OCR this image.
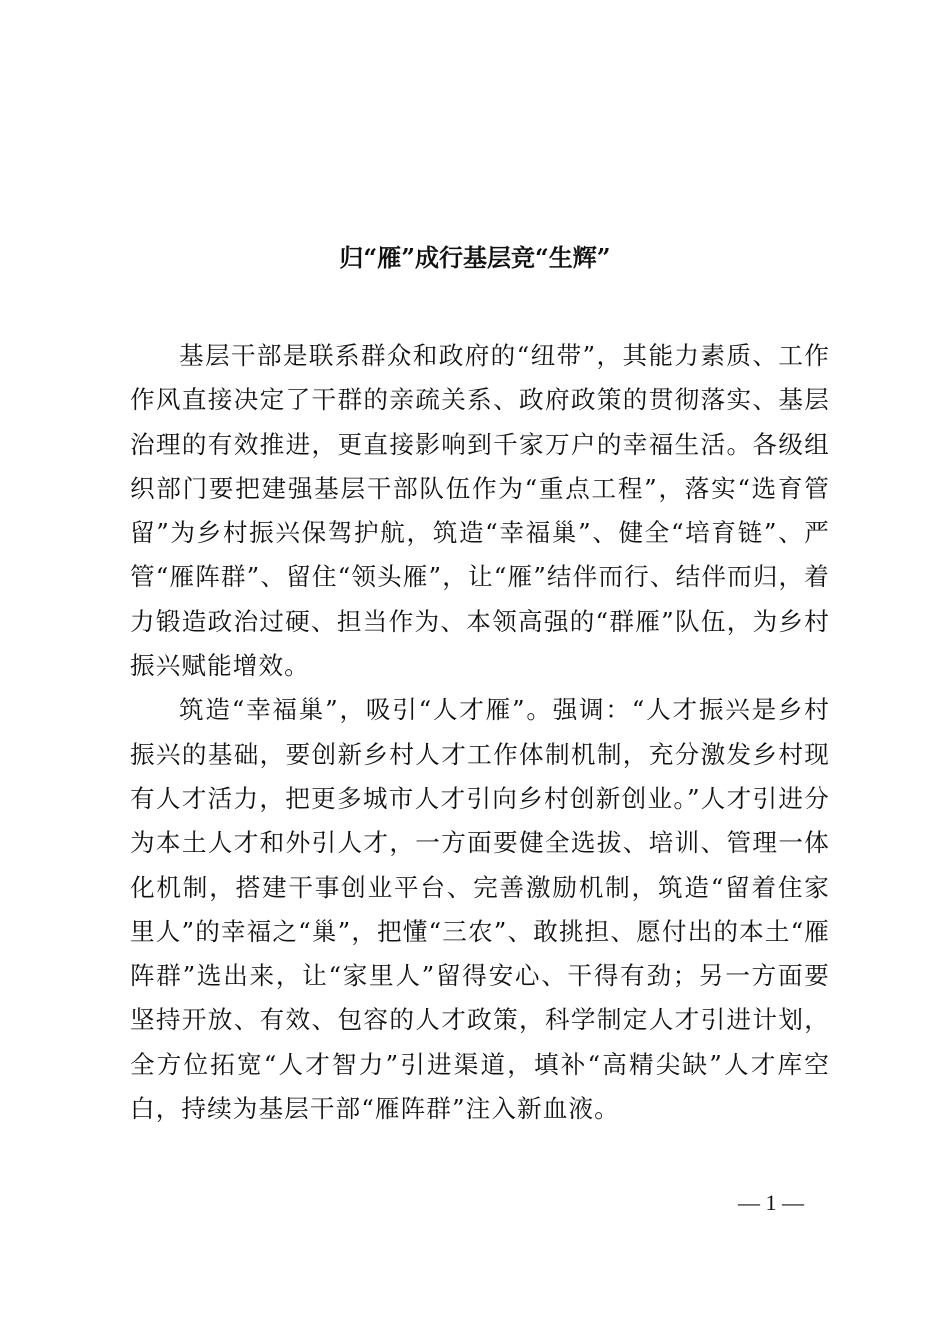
归“雁”成行基层竞“生辉”

基层干部是联系群众和政府的“纽带”，其能力素质、工作作风直接决定了干群的亲疏关系、政府政策的贯彻落实、基层治理的有效推进，更直接影响到千家万户的幸福生活。各级组织部门要把建强基层干部队伍作为“重点工程”，落实“选育管留”为乡村振兴保驾护航，筑造“幸福巢”、健全“培育链”、严管“雁阵群”、留住“领头雁”，让“雁”结伴而行、结伴而归，着力锻造政治过硬、担当作为、本领高强的“群雁”队伍，为乡村振兴赋能增效。

筑造“幸福巢”，吸引“人才雁”。强调：“人才振兴是乡村振兴的基础，要创新乡村人才工作体制机制，充分激发乡村现有人才活力，把更多城市人才引向乡村创新创业。”人才引进分为本土人才和外引人才，一方面要健全选拔、培训、管理一体化机制，搭建干事创业平台、完善激励机制，筑造“留着住家里人”的幸福之“巢”，把懂“三农”、敢挑担、愿付出的本土“雁阵群”选出来，让“家里人”留得安心、干得有劲；另一方面要坚持开放、有效、包容的人才政策，科学制定人才引进计划，全方位拓宽“人才智力”引进渠道，填补“高精尖缺”人才库空白，持续为基层干部“雁阵群”注入新血液。

— 1 —
